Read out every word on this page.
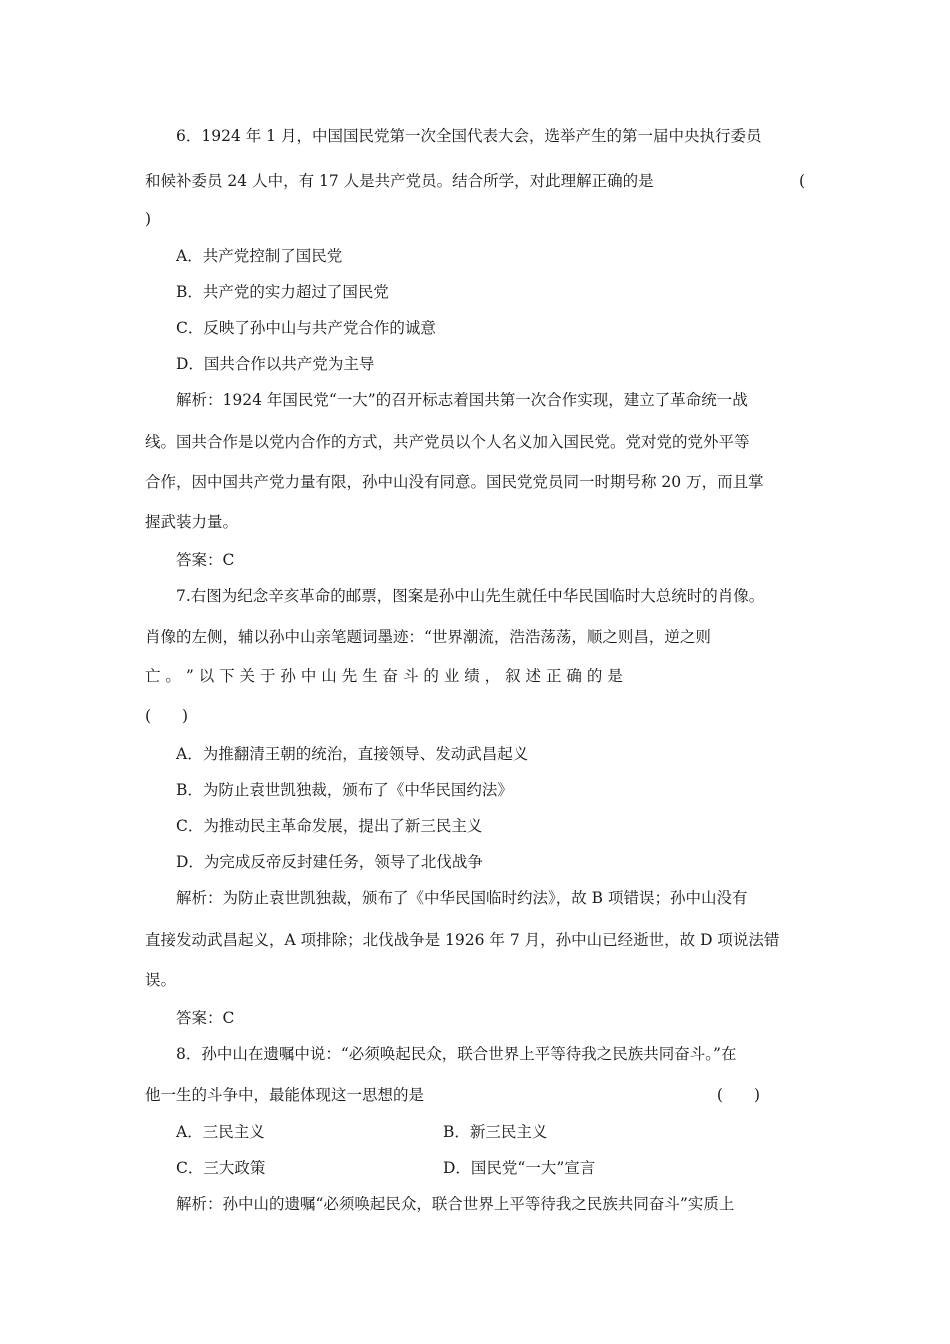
6．1924 年 1 月，中国国民党第一次全国代表大会，选举产生的第一届中央执行委员
和候补委员 24 人中，有 17 人是共产党员。结合所学，对此理解正确的是	(
)
A．共产党控制了国民党
B．共产党的实力超过了国民党
C．反映了孙中山与共产党合作的诚意
D．国共合作以共产党为主导
解析：1924 年国民党“一大”的召开标志着国共第一次合作实现，建立了革命统一战
线。国共合作是以党内合作的方式，共产党员以个人名义加入国民党。党对党的党外平等
合作，因中国共产党力量有限，孙中山没有同意。国民党党员同一时期号称 20 万，而且掌
握武装力量。
答案：C
7.右图为纪念辛亥革命的邮票，图案是孙中山先生就任中华民国临时大总统时的肖像。
肖像的左侧，辅以孙中山亲笔题词墨迹：“世界潮流，浩浩荡荡，顺之则昌，逆之则
亡 。 ” 以 下 关 于 孙 中 山 先 生 奋 斗 的 业 绩 ， 叙 述 正 确 的 是
(　　)
A．为推翻清王朝的统治，直接领导、发动武昌起义
B．为防止袁世凯独裁，颁布了《中华民国约法》
C．为推动民主革命发展，提出了新三民主义
D．为完成反帝反封建任务，领导了北伐战争
解析：为防止袁世凯独裁，颁布了《中华民国临时约法》，故 B 项错误；孙中山没有
直接发动武昌起义，A 项排除；北伐战争是 1926 年 7 月，孙中山已经逝世，故 D 项说法错
误。
答案：C
8．孙中山在遗嘱中说：“必须唤起民众，联合世界上平等待我之民族共同奋斗。”在
他一生的斗争中，最能体现这一思想的是	(　　)
A．三民主义	B．新三民主义
C．三大政策	D．国民党“一大”宣言
解析：孙中山的遗嘱“必须唤起民众，联合世界上平等待我之民族共同奋斗”实质上
